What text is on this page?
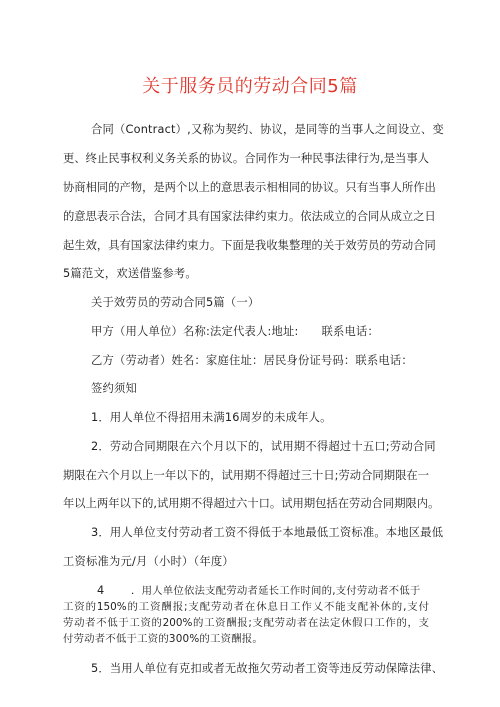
关于服务员的劳动合同5篇
合同（Contract）,又称为契约、协议，是同等的当事人之间设立、变
更、终止民事权利义务关系的协议。合同作为一种民事法律行为,是当事人
协商相同的产物，是两个以上的意思表示相相同的协议。只有当事人所作出
的意思表示合法，合同才具有国家法律约束力。依法成立的合同从成立之日
起生效，具有国家法律约束力。下面是我收集整理的关于效劳员的劳动合同
5篇范文，欢送借鉴参考。
关于效劳员的劳动合同5篇（一）
甲方（用人单位）名称:法定代表人:地址:　　联系电话：
乙方（劳动者）姓名：家庭住址：居民身份证号码：联系电话：
签约须知
1．用人单位不得招用未满16周岁的未成年人。
2．劳动合同期限在六个月以下的，试用期不得超过十五口;劳动合同
期限在六个月以上一年以下的，试用期不得超过三十日;劳动合同期限在一
年以上两年以下的,试用期不得超过六十口。试用期包括在劳动合同期限内。
3．用人单位支付劳动者工资不得低于本地最低工资标准。本地区最低
工资标准为元/月（小时）（年度）
4	．用人单位依法支配劳动者延长工作时间的,支付劳动者不低于
工资的150%的工资酬报;支配劳动者在休息日工作乂不能支配补休的,支付
劳动者不低于工资的200%的工资酬报;支配劳动者在法定休假口工作的，支
付劳动者不低于工资的300%的工资酬报。
5．当用人单位有克扣或者无故拖欠劳动者工资等违反劳动保障法律、
